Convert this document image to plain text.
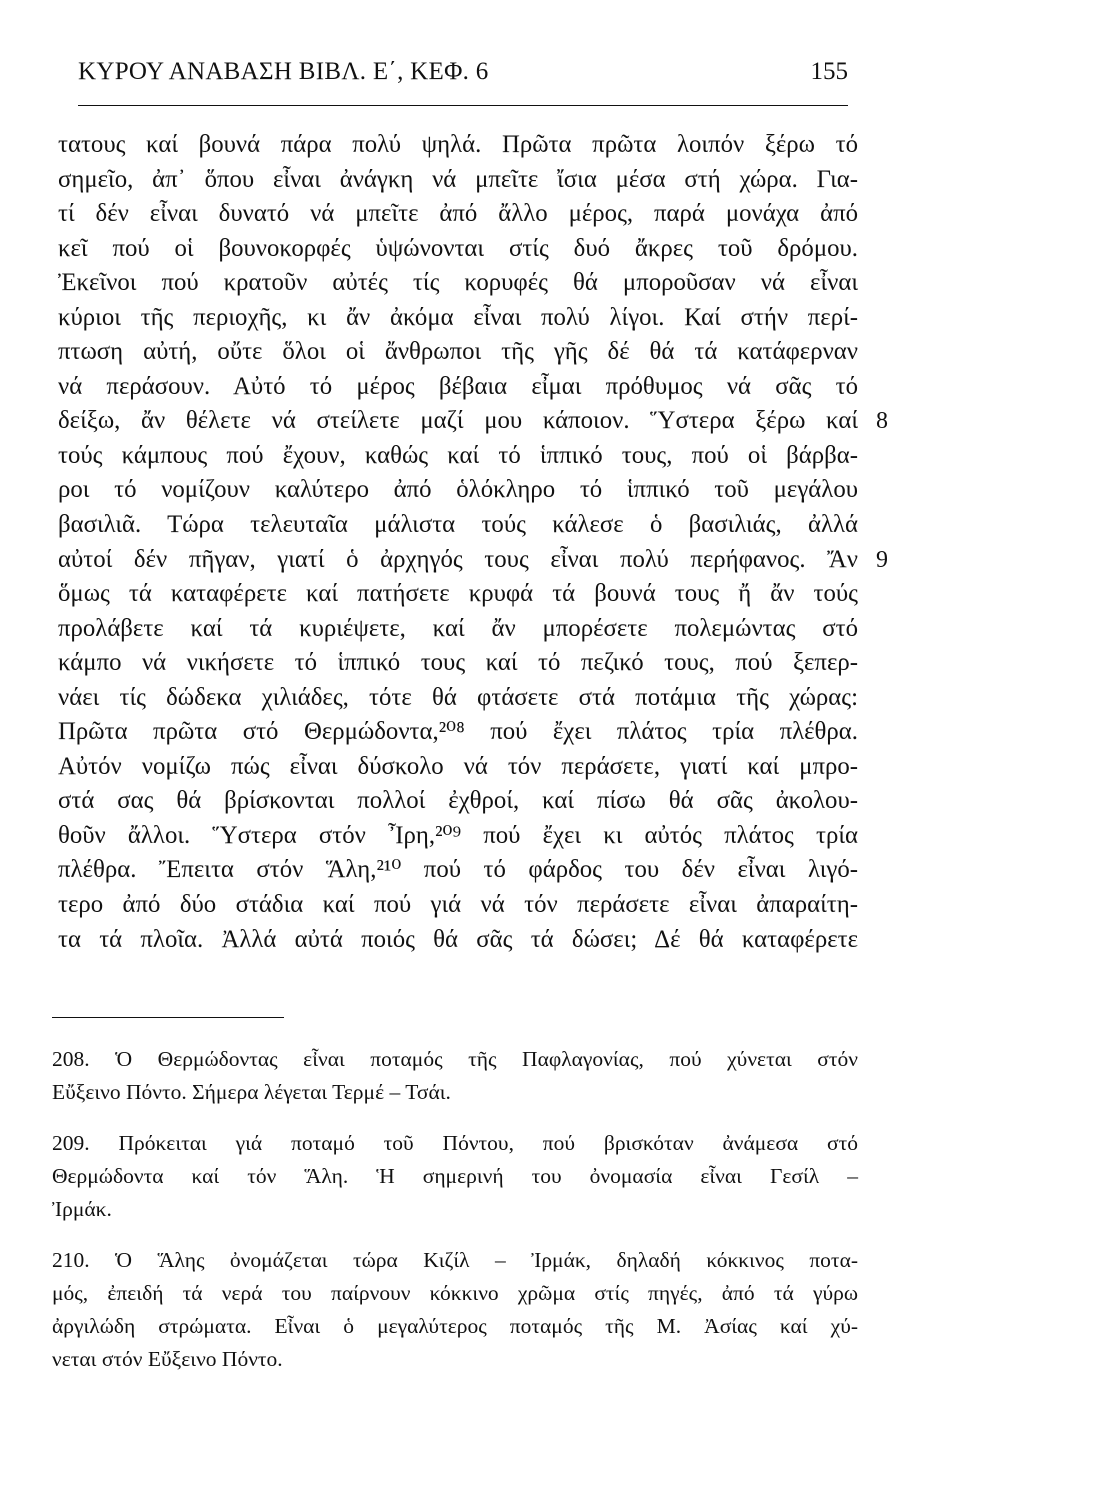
ΚΥΡΟΥ ΑΝΑΒΑΣΗ ΒΙΒΛ. Ε΄, ΚΕΦ. 6	155
τατους καί βουνά πάρα πολύ ψηλά. Πρῶτα πρῶτα λοιπόν ξέρω τό
σημεῖο, ἀπ᾽ ὅπου εἶναι ἀνάγκη νά μπεῖτε ἴσια μέσα στή χώρα. Για-
τί δέν εἶναι δυνατό νά μπεῖτε ἀπό ἄλλο μέρος, παρά μονάχα ἀπό
κεῖ πού οἱ βουνοκορφές ὑψώνονται στίς δυό ἄκρες τοῦ δρόμου.
Ἐκεῖνοι πού κρατοῦν αὐτές τίς κορυφές θά μποροῦσαν νά εἶναι
κύριοι τῆς περιοχῆς, κι ἄν ἀκόμα εἶναι πολύ λίγοι. Καί στήν περί-
πτωση αὐτή, οὔτε ὅλοι οἱ ἄνθρωποι τῆς γῆς δέ θά τά κατάφερναν
νά περάσουν. Αὐτό τό μέρος βέβαια εἶμαι πρόθυμος νά σᾶς τό
δείξω, ἄν θέλετε νά στείλετε μαζί μου κάποιον. Ὕστερα ξέρω καί 8
τούς κάμπους πού ἔχουν, καθώς καί τό ἱππικό τους, πού οἱ βάρβα-
ροι τό νομίζουν καλύτερο ἀπό ὁλόκληρο τό ἱππικό τοῦ μεγάλου
βασιλιᾶ. Τώρα τελευταῖα μάλιστα τούς κάλεσε ὁ βασιλιάς, ἀλλά
αὐτοί δέν πῆγαν, γιατί ὁ ἀρχηγός τους εἶναι πολύ περήφανος. Ἄν 9
ὅμως τά καταφέρετε καί πατήσετε κρυφά τά βουνά τους ἤ ἄν τούς
προλάβετε καί τά κυριέψετε, καί ἄν μπορέσετε πολεμώντας στό
κάμπο νά νικήσετε τό ἱππικό τους καί τό πεζικό τους, πού ξεπερ-
νάει τίς δώδεκα χιλιάδες, τότε θά φτάσετε στά ποτάμια τῆς χώρας:
Πρῶτα πρῶτα στό Θερμώδοντα,²⁰⁸ πού ἔχει πλάτος τρία πλέθρα.
Αὐτόν νομίζω πώς εἶναι δύσκολο νά τόν περάσετε, γιατί καί μπρο-
στά σας θά βρίσκονται πολλοί ἐχθροί, καί πίσω θά σᾶς ἀκολου-
θοῦν ἄλλοι. Ὕστερα στόν Ἶρη,²⁰⁹ πού ἔχει κι αὐτός πλάτος τρία
πλέθρα. Ἔπειτα στόν Ἅλη,²¹⁰ πού τό φάρδος του δέν εἶναι λιγό-
τερο ἀπό δύο στάδια καί πού γιά νά τόν περάσετε εἶναι ἀπαραίτη-
τα τά πλοῖα. Ἀλλά αὐτά ποιός θά σᾶς τά δώσει; Δέ θά καταφέρετε
208. Ὁ Θερμώδοντας εἶναι ποταμός τῆς Παφλαγονίας, πού χύνεται στόν
Εὔξεινο Πόντο. Σήμερα λέγεται Τερμέ – Τσάι.
209. Πρόκειται γιά ποταμό τοῦ Πόντου, πού βρισκόταν ἀνάμεσα στό
Θερμώδοντα καί τόν Ἅλη. Ἡ σημερινή του ὀνομασία εἶναι Γεσίλ –
Ἰρμάκ.
210. Ὁ Ἅλης ὀνομάζεται τώρα Κιζίλ – Ἰρμάκ, δηλαδή κόκκινος ποτα-
μός, ἐπειδή τά νερά του παίρνουν κόκκινο χρῶμα στίς πηγές, ἀπό τά γύρω
ἀργιλώδη στρώματα. Εἶναι ὁ μεγαλύτερος ποταμός τῆς Μ. Ἀσίας καί χύ-
νεται στόν Εὔξεινο Πόντο.
